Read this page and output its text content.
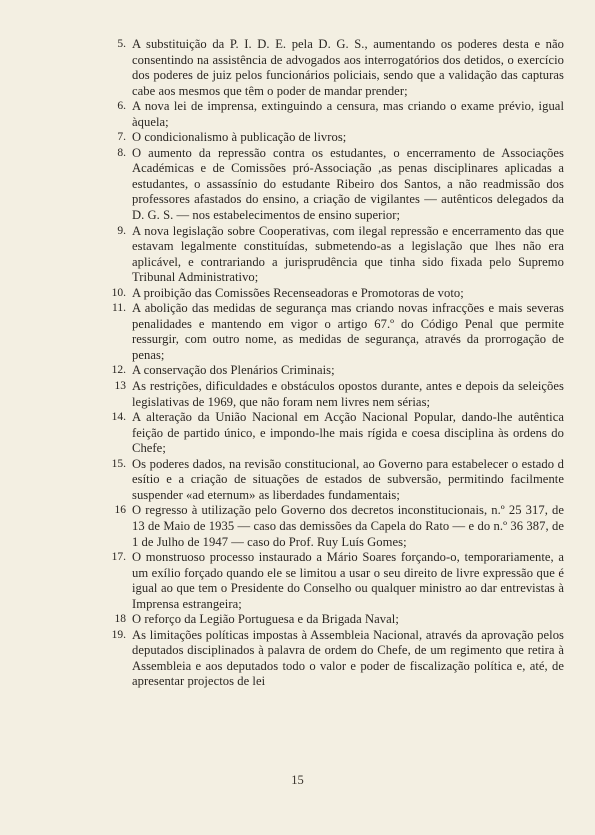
5. A substituição da P. I. D. E. pela D. G. S., aumentando os poderes desta e não consentindo na assistência de advogados aos interrogatórios dos detidos, o exercício dos poderes de juiz pelos funcionários policiais, sendo que a validação das capturas cabe aos mesmos que têm o poder de mandar prender;
6. A nova lei de imprensa, extinguindo a censura, mas criando o exame prévio, igual àquela;
7. O condicionalismo à publicação de livros;
8. O aumento da repressão contra os estudantes, o encerramento de Associações Académicas e de Comissões pró-Associação ,as penas disciplinares aplicadas a estudantes, o assassínio do estudante Ribeiro dos Santos, a não readmissão dos professores afastados do ensino, a criação de vigilantes — autênticos delegados da D. G. S. — nos estabelecimentos de ensino superior;
9. A nova legislação sobre Cooperativas, com ilegal repressão e encerramento das que estavam legalmente constituídas, submetendo-as a legislação que lhes não era aplicável, e contrariando a jurisprudência que tinha sido fixada pelo Supremo Tribunal Administrativo;
10. A proibição das Comissões Recenseadoras e Promotoras de voto;
11. A abolição das medidas de segurança mas criando novas infracções e mais severas penalidades e mantendo em vigor o artigo 67.º do Código Penal que permite ressurgir, com outro nome, as medidas de segurança, através da prorrogação de penas;
12. A conservação dos Plenários Criminais;
13 As restrições, dificuldades e obstáculos opostos durante, antes e depois da seleições legislativas de 1969, que não foram nem livres nem sérias;
14. A alteração da União Nacional em Acção Nacional Popular, dando-lhe autêntica feição de partido único, e impondo-lhe mais rígida e coesa disciplina às ordens do Chefe;
15. Os poderes dados, na revisão constitucional, ao Governo para estabelecer o estado d esítio e a criação de situações de estados de subversão, permitindo facilmente suspender «ad eternum» as liberdades fundamentais;
16 O regresso à utilização pelo Governo dos decretos inconstitucionais, n.º 25 317, de 13 de Maio de 1935 — caso das demissões da Capela do Rato — e do n.º 36 387, de 1 de Julho de 1947 — caso do Prof. Ruy Luís Gomes;
17. O monstruoso processo instaurado a Mário Soares forçando-o, temporariamente, a um exílio forçado quando ele se limitou a usar o seu direito de livre expressão que é igual ao que tem o Presidente do Conselho ou qualquer ministro ao dar entrevistas à Imprensa estrangeira;
18 O reforço da Legião Portuguesa e da Brigada Naval;
19. As limitações políticas impostas à Assembleia Nacional, através da aprovação pelos deputados disciplinados à palavra de ordem do Chefe, de um regimento que retira à Assembleia e aos deputados todo o valor e poder de fiscalização política e, até, de apresentar projectos de lei
15
